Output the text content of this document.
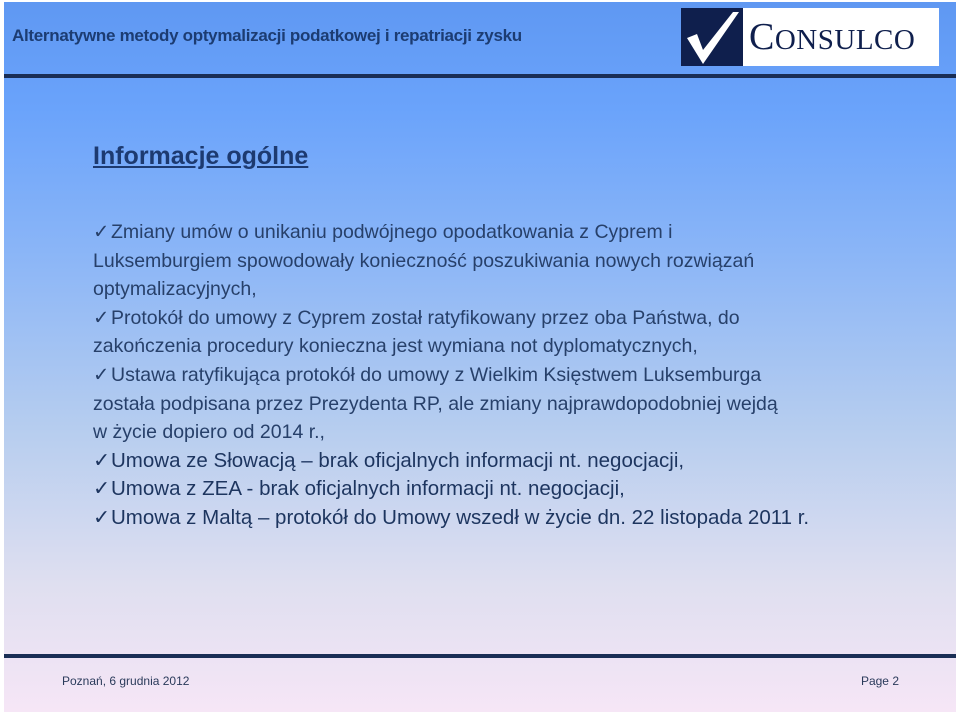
Alternatywne metody optymalizacji podatkowej i repatriacji zysku	CONSULCO
Informacje ogólne
✓Zmiany umów o unikaniu podwójnego opodatkowania z Cyprem i
Luksemburgiem spowodowały konieczność poszukiwania nowych rozwiązań
optymalizacyjnych,
✓Protokół do umowy z Cyprem został ratyfikowany przez oba Państwa, do
zakończenia procedury konieczna jest wymiana not dyplomatycznych,
✓Ustawa ratyfikująca protokół do umowy z Wielkim Księstwem Luksemburga
została podpisana przez Prezydenta RP, ale zmiany najprawdopodobniej wejdą
w życie dopiero od 2014 r.,
✓Umowa ze Słowacją – brak oficjalnych informacji nt. negocjacji,
✓Umowa z ZEA - brak oficjalnych informacji nt. negocjacji,
✓Umowa z Maltą – protokół do Umowy wszedł w życie dn. 22 listopada 2011 r.
Poznań, 6 grudnia 2012	Page 2
